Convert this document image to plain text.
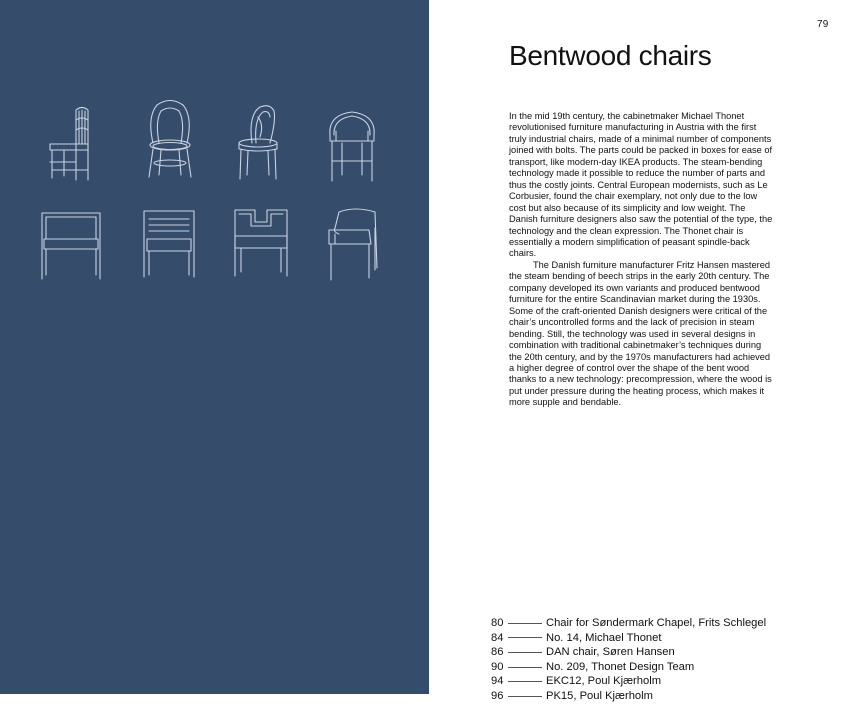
79
Bentwood chairs

In the mid 19th century, the cabinetmaker Michael Thonet revolutionised furniture manufacturing in Austria with the first truly industrial chairs, made of a minimal number of components joined with bolts. The parts could be packed in boxes for ease of transport, like modern-day IKEA products. The steam-bending technology made it possible to reduce the number of parts and thus the costly joints. Central European modernists, such as Le Corbusier, found the chair exemplary, not only due to the low cost but also because of its simplicity and low weight. The Danish furniture designers also saw the potential of the type, the technology and the clean expression. The Thonet chair is essentially a modern simplification of peasant spindle-back chairs.

The Danish furniture manufacturer Fritz Hansen mastered the steam bending of beech strips in the early 20th century. The company developed its own variants and produced bentwood furniture for the entire Scandinavian market during the 1930s. Some of the craft-oriented Danish designers were critical of the chair’s uncontrolled forms and the lack of precision in steam bending. Still, the technology was used in several designs in combination with traditional cabinetmaker’s techniques during the 20th century, and by the 1970s manufacturers had achieved a higher degree of control over the shape of the bent wood thanks to a new technology: precompression, where the wood is put under pressure during the heating process, which makes it more supple and bendable.

80	Chair for Søndermark Chapel, Frits Schlegel
84	No. 14, Michael Thonet
86	DAN chair, Søren Hansen
90	No. 209, Thonet Design Team
94	EKC12, Poul Kjærholm
96	PK15, Poul Kjærholm
